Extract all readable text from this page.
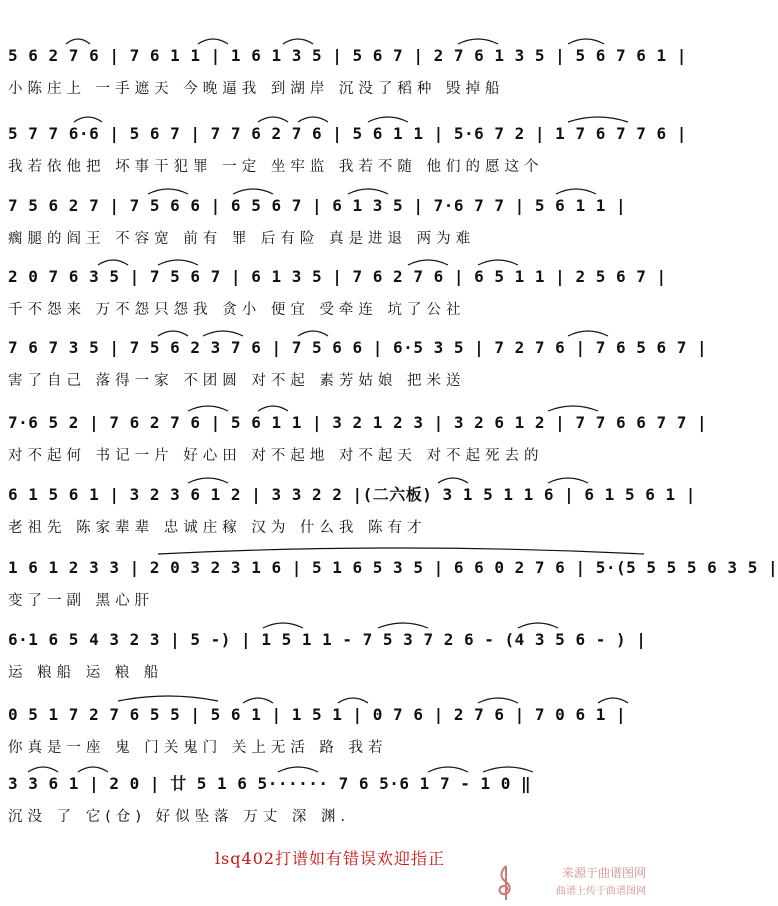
5 6 2 7 6 | 7 6 1 1 | 1 6 1 3 5 | 5 6 7 | 2 7 6 1 3 5 | 5 6 7 6 1 |
小陈庄上 一手遮天 今晚逼我 到湖岸 沉没了稻种 毁掉船
5 7 7 6·6 | 5 6 7 | 7 7 6 2 7 6 | 5 6 1 1 | 5·6 7 2 | 1 7 6 7 7 6 |
我若依他把 坏事干犯罪 一定 坐牢监 我若不随 他们的愿这个
7 5 6 2 7 | 7 5 6 6 | 6 5 6 7 | 6 1 3 5 | 7·6 7 7 | 5 6 1 1 |
瘸腿的阎王 不容宽 前有 罪 后有险 真是进退 两为难
2 0 7 6 3 5 | 7 5 6 7 | 6 1 3 5 | 7 6 2 7 6 | 6 5 1 1 | 2 5 6 7 |
千不怨来 万不怨只怨我 贪小 便宜 受牵连 坑了公社
7 6 7 3 5 | 7 5 6 2 3 7 6 | 7 5 6 6 | 6·5 3 5 | 7 2 7 6 | 7 6 5 6 7 |
害了自己 落得一家 不团圆 对不起 素芳姑娘 把米送
7·6 5 2 | 7 6 2 7 6 | 5 6 1 1 | 3 2 1 2 3 | 3 2 6 1 2 | 7 7 6 6 7 7 |
对不起何 书记一片 好心田 对不起地 对不起天 对不起死去的
6 1 5 6 1 | 3 2 3 6 1 2 | 3 3 2 2 |(二六板) 3 1 5 1 1 6 | 6 1 5 6 1 |
老祖先 陈家辈辈 忠诚庄稼 汉为 什么我 陈有才
1 6 1 2 3 3 | 2 0 3 2 3 1 6 | 5 1 6 5 3 5 | 6 6 0 2 7 6 | 5·(5 5 5 5 6 3 5 |
变了一副 黑心肝
6·1 6 5 4 3 2 3 | 5 -) | 1 5 1 1 - 7 5 3 7 2 6 - (4 3 5 6 - ) |
运 粮船 运 粮 船
0 5 1 7 2 7 6 5 5 | 5 6 1 | 1 5 1 | 0 7 6 | 2 7 6 | 7 0 6 1 |
你真是一座 鬼 门关鬼门 关上无活 路 我若
3 3 6 1 | 2 0 | 廿 5 1 6 5······ 7 6 5·6 1 7 - 1 0 ‖
沉没 了 它(仓) 好似坠落 万丈 深 渊.
lsq402打谱如有错误欢迎指正
来源于曲谱图网
曲谱上传于曲谱图网
